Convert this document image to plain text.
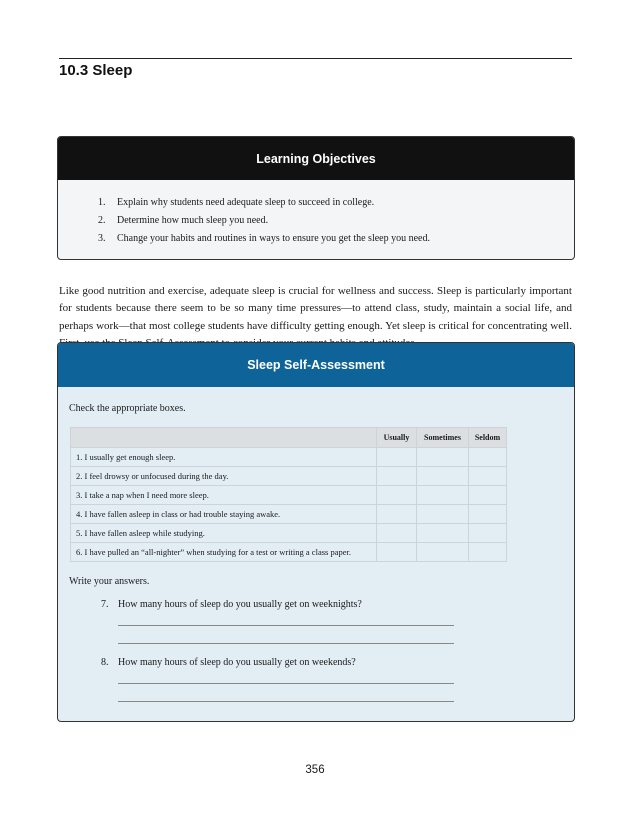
10.3 Sleep
Learning Objectives
1.	Explain why students need adequate sleep to succeed in college.
2.	Determine how much sleep you need.
3.	Change your habits and routines in ways to ensure you get the sleep you need.

Like good nutrition and exercise, adequate sleep is crucial for wellness and success. Sleep is particularly important for students because there seem to be so many time pressures—to attend class, study, maintain a social life, and perhaps work—that most college students have difficulty getting enough. Yet sleep is critical for concentrating well.

Sleep Self-Assessment
Check the appropriate boxes.
	Usually	Sometimes	Seldom
1. I usually get enough sleep.			
2. I feel drowsy or unfocused during the day.			
3. I take a nap when I need more sleep.			
4. I have fallen asleep in class or had trouble staying awake.			
5. I have fallen asleep while studying.			
6. I have pulled an “all-nighter” when studying for a test or writing a class paper.			
Write your answers.
7. How many hours of sleep do you usually get on weeknights?
8. How many hours of sleep do you usually get on weekends?
356
